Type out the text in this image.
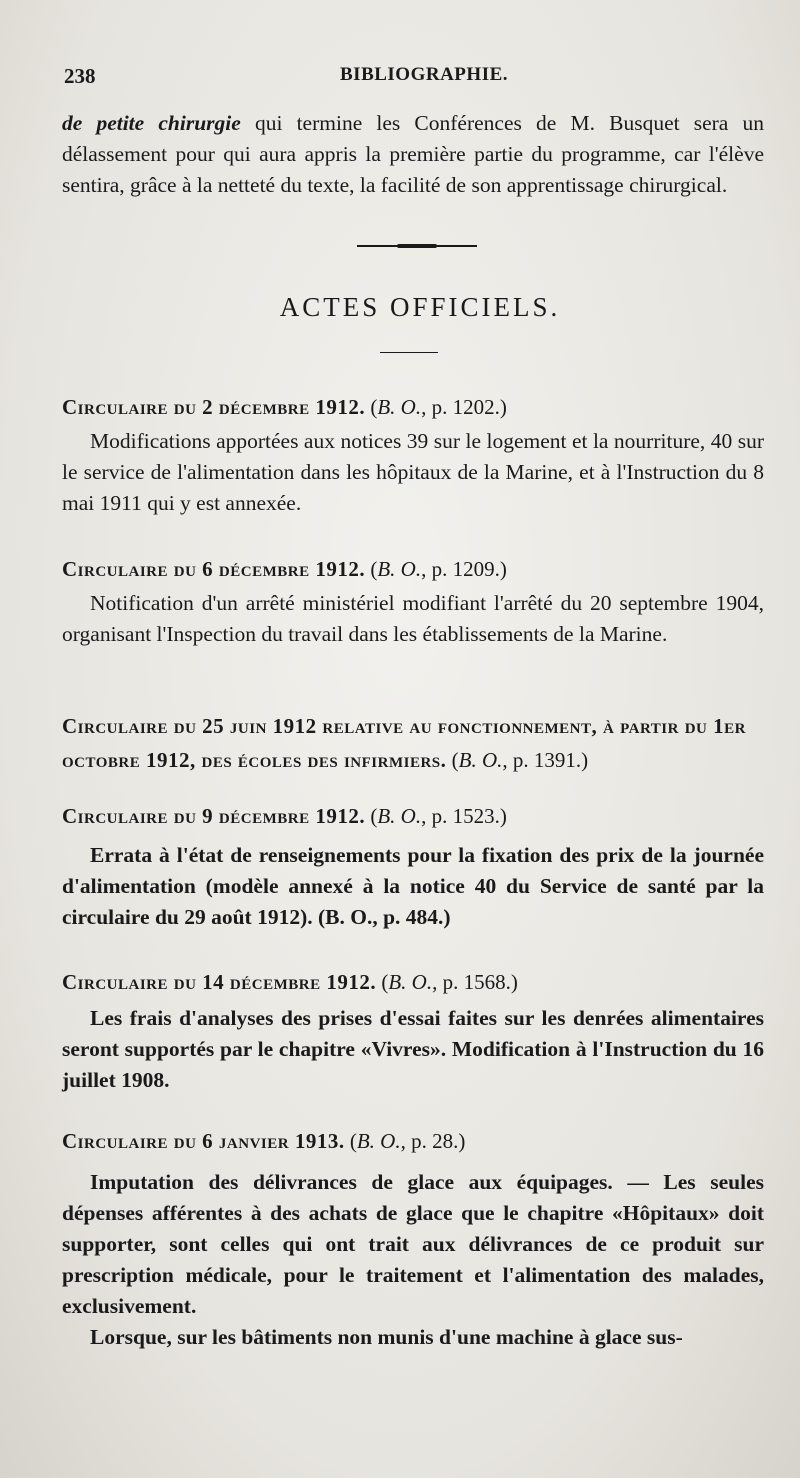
238	BIBLIOGRAPHIE.
de petite chirurgie qui termine les Conférences de M. Busquet sera un délassement pour qui aura appris la première partie du programme, car l'élève sentira, grâce à la netteté du texte, la facilité de son apprentissage chirurgical.
ACTES OFFICIELS.
Circulaire du 2 décembre 1912. (B. O., p. 1202.)
Modifications apportées aux notices 39 sur le logement et la nourriture, 40 sur le service de l'alimentation dans les hôpitaux de la Marine, et à l'Instruction du 8 mai 1911 qui y est annexée.
Circulaire du 6 décembre 1912. (B. O., p. 1209.)
Notification d'un arrêté ministériel modifiant l'arrêté du 20 septembre 1904, organisant l'Inspection du travail dans les établissements de la Marine.
Circulaire du 25 juin 1912 relative au fonctionnement, à partir du 1er octobre 1912, des écoles des infirmiers. (B. O., p. 1391.)
Circulaire du 9 décembre 1912. (B. O., p. 1523.)
Errata à l'état de renseignements pour la fixation des prix de la journée d'alimentation (modèle annexé à la notice 40 du Service de santé par la circulaire du 29 août 1912). (B. O., p. 484.)
Circulaire du 14 décembre 1912. (B. O., p. 1568.)
Les frais d'analyses des prises d'essai faites sur les denrées alimentaires seront supportés par le chapitre «Vivres». Modification à l'Instruction du 16 juillet 1908.
Circulaire du 6 janvier 1913. (B. O., p. 28.)
Imputation des délivrances de glace aux équipages. — Les seules dépenses afférentes à des achats de glace que le chapitre «Hôpitaux» doit supporter, sont celles qui ont trait aux délivrances de ce produit sur prescription médicale, pour le traitement et l'alimentation des malades, exclusivement.
Lorsque, sur les bâtiments non munis d'une machine à glace sus-
